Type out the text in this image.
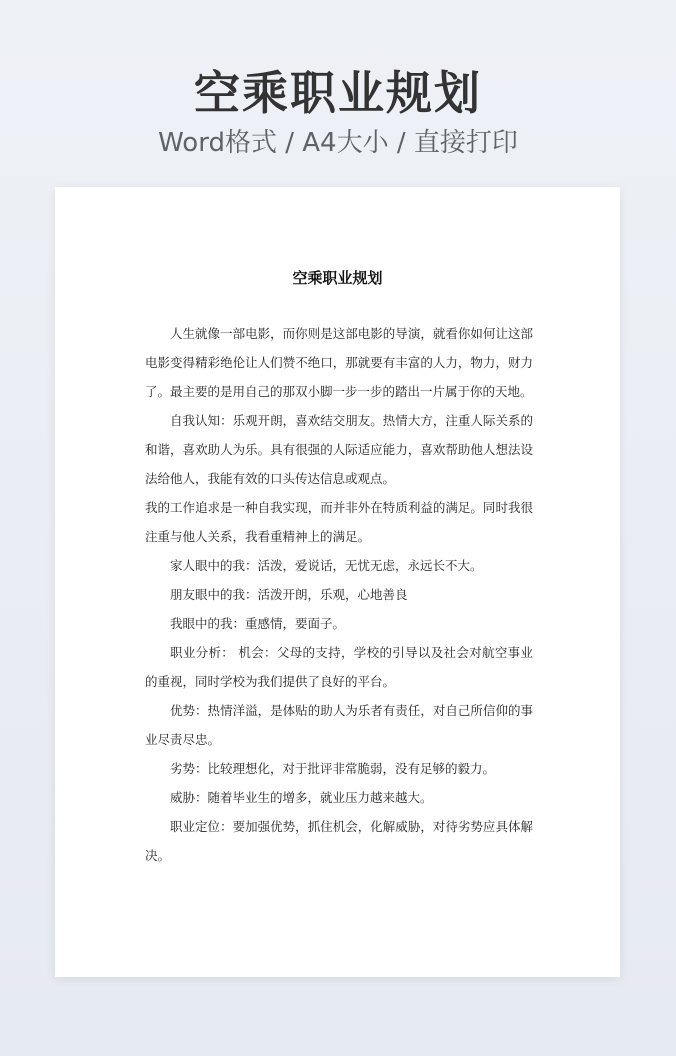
空乘职业规划
Word格式 / A4大小 / 直接打印
空乘职业规划

人生就像一部电影，而你则是这部电影的导演，就看你如何让这部电影变得精彩绝伦让人们赞不绝口，那就要有丰富的人力，物力，财力了。最主要的是用自己的那双小脚一步一步的踏出一片属于你的天地。

自我认知：乐观开朗，喜欢结交朋友。热情大方，注重人际关系的和谐，喜欢助人为乐。具有很强的人际适应能力，喜欢帮助他人想法设法给他人，我能有效的口头传达信息或观点。

我的工作追求是一种自我实现，而并非外在特质利益的满足。同时我很注重与他人关系，我看重精神上的满足。

家人眼中的我：活泼，爱说话，无忧无虑，永远长不大。

朋友眼中的我：活泼开朗，乐观，心地善良

我眼中的我：重感情，要面子。

职业分析： 机会：父母的支持，学校的引导以及社会对航空事业的重视，同时学校为我们提供了良好的平台。

优势：热情洋溢，是体贴的助人为乐者有责任，对自己所信仰的事业尽责尽忠。

劣势：比较理想化，对于批评非常脆弱，没有足够的毅力。

威胁：随着毕业生的增多，就业压力越来越大。

职业定位：要加强优势，抓住机会，化解威胁，对待劣势应具体解决。
